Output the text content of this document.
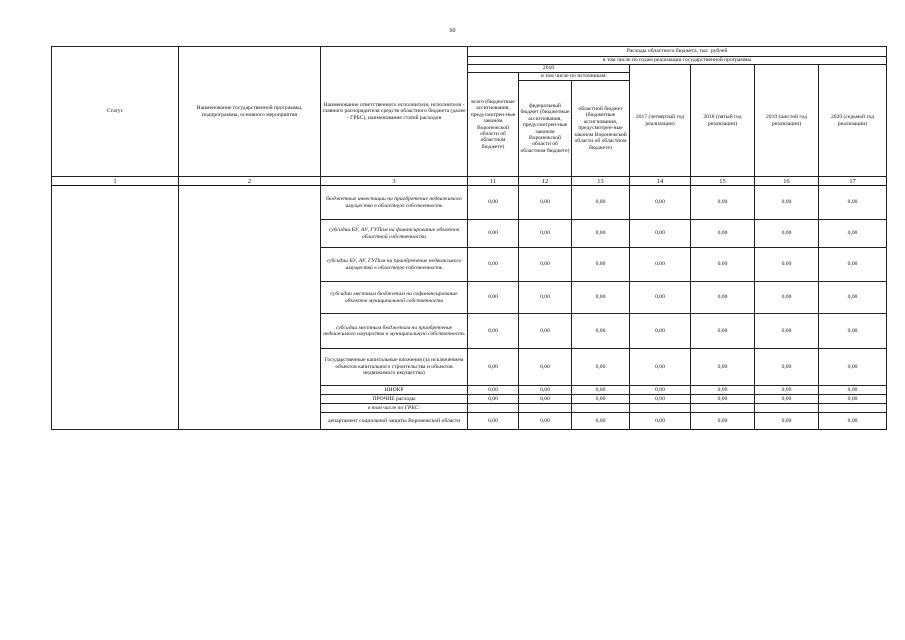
60
Статус	Наименование государственной программы, подпрограммы, основного мероприятия	Наименование ответственного исполнителя, исполнителя - главного распорядителя средств областного бюджета (далее - ГРБС), наименование статей расходов	Расходы областного бюджета, тыс. рублей						
			в том числе по годам реализации государственной программы						
			2016			2017 (четвертый год реализации)	2018 (пятый год реализации)	2019 (шестой год реализации)	2020 (седьмой год реализации)
			всего (бюджетные ассигнования, предусмотрен-ные законом Воронежской области об областном бюджете)	в том числе по источникам:					
				федеральный бюджет (бюджетные ассигнования, предусмотрен-ные законом Воронежской области об областном бюджете)	областной бюджет (бюджетные ассигнования, предусмотрен-ные законом Воронежской области об областном бюджете)				
1	2	3	11	12	13	14	15	16	17
		бюджетные инвестиции на приобретение недвижимого имущества в областную собственность	0,00	0,00	0,00	0,00	0,00	0,00	0,00
		субсидии БУ, АУ, ГУПам на финансирование объектов областной собственности	0,00	0,00	0,00	0,00	0,00	0,00	0,00
		субсидии БУ, АУ, ГУПам на приобретение недвижимого имущества в областную собственность	0,00	0,00	0,00	0,00	0,00	0,00	0,00
		субсидии местным бюджетам на софинансирование объектов муниципальной собственности	0,00	0,00	0,00	0,00	0,00	0,00	0,00
		субсидии местным бюджетам на приобретение недвижимого имущества в муниципальную собственность	0,00	0,00	0,00	0,00	0,00	0,00	0,00
		Государственные капитальные вложения (за исключением объектов капитального строительства и объектов недвижимого имущества)	0,00	0,00	0,00	0,00	0,00	0,00	0,00
		НИОКР	0,00	0,00	0,00	0,00	0,00	0,00	0,00
		ПРОЧИЕ расходы	0,00	0,00	0,00	0,00	0,00	0,00	0,00
		в том числе по ГРБС:							
		департамент социальной защиты Воронежской области	0,00	0,00	0,00	0,00	0,00	0,00	0,00
